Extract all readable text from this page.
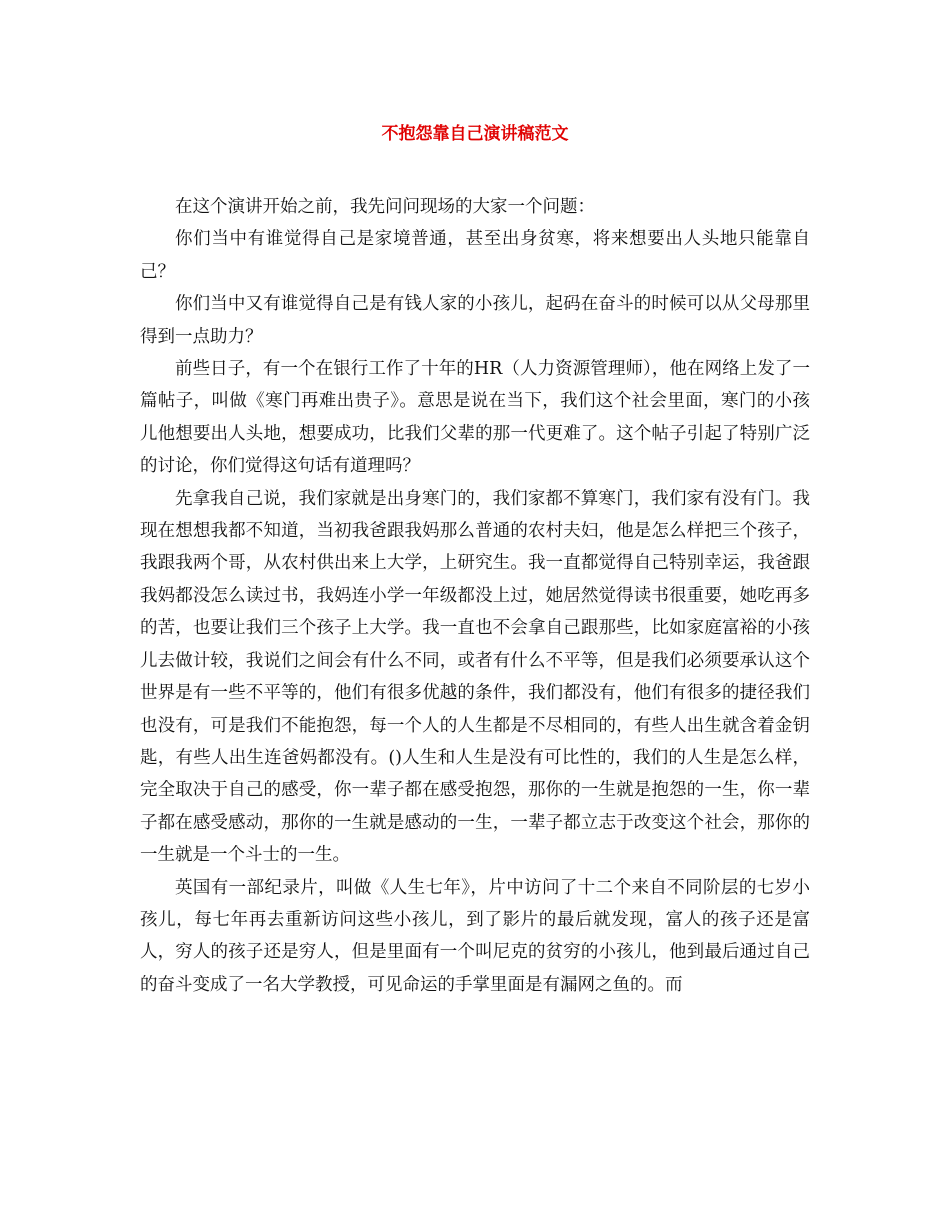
不抱怨靠自己演讲稿范文

在这个演讲开始之前，我先问问现场的大家一个问题：

你们当中有谁觉得自己是家境普通，甚至出身贫寒，将来想要出人头地只能靠自己？

你们当中又有谁觉得自己是有钱人家的小孩儿，起码在奋斗的时候可以从父母那里得到一点助力？

前些日子，有一个在银行工作了十年的HR（人力资源管理师），他在网络上发了一篇帖子，叫做《寒门再难出贵子》。意思是说在当下，我们这个社会里面，寒门的小孩儿他想要出人头地，想要成功，比我们父辈的那一代更难了。这个帖子引起了特别广泛的讨论，你们觉得这句话有道理吗？

先拿我自己说，我们家就是出身寒门的，我们家都不算寒门，我们家有没有门。我现在想想我都不知道，当初我爸跟我妈那么普通的农村夫妇，他是怎么样把三个孩子，我跟我两个哥，从农村供出来上大学，上研究生。我一直都觉得自己特别幸运，我爸跟我妈都没怎么读过书，我妈连小学一年级都没上过，她居然觉得读书很重要，她吃再多的苦，也要让我们三个孩子上大学。我一直也不会拿自己跟那些，比如家庭富裕的小孩儿去做计较，我说们之间会有什么不同，或者有什么不平等，但是我们必须要承认这个世界是有一些不平等的，他们有很多优越的条件，我们都没有，他们有很多的捷径我们也没有，可是我们不能抱怨，每一个人的人生都是不尽相同的，有些人出生就含着金钥匙，有些人出生连爸妈都没有。()人生和人生是没有可比性的，我们的人生是怎么样，完全取决于自己的感受，你一辈子都在感受抱怨，那你的一生就是抱怨的一生，你一辈子都在感受感动，那你的一生就是感动的一生，一辈子都立志于改变这个社会，那你的一生就是一个斗士的一生。

英国有一部纪录片，叫做《人生七年》，片中访问了十二个来自不同阶层的七岁小孩儿，每七年再去重新访问这些小孩儿，到了影片的最后就发现，富人的孩子还是富人，穷人的孩子还是穷人，但是里面有一个叫尼克的贫穷的小孩儿，他到最后通过自己的奋斗变成了一名大学教授，可见命运的手掌里面是有漏网之鱼的。而
